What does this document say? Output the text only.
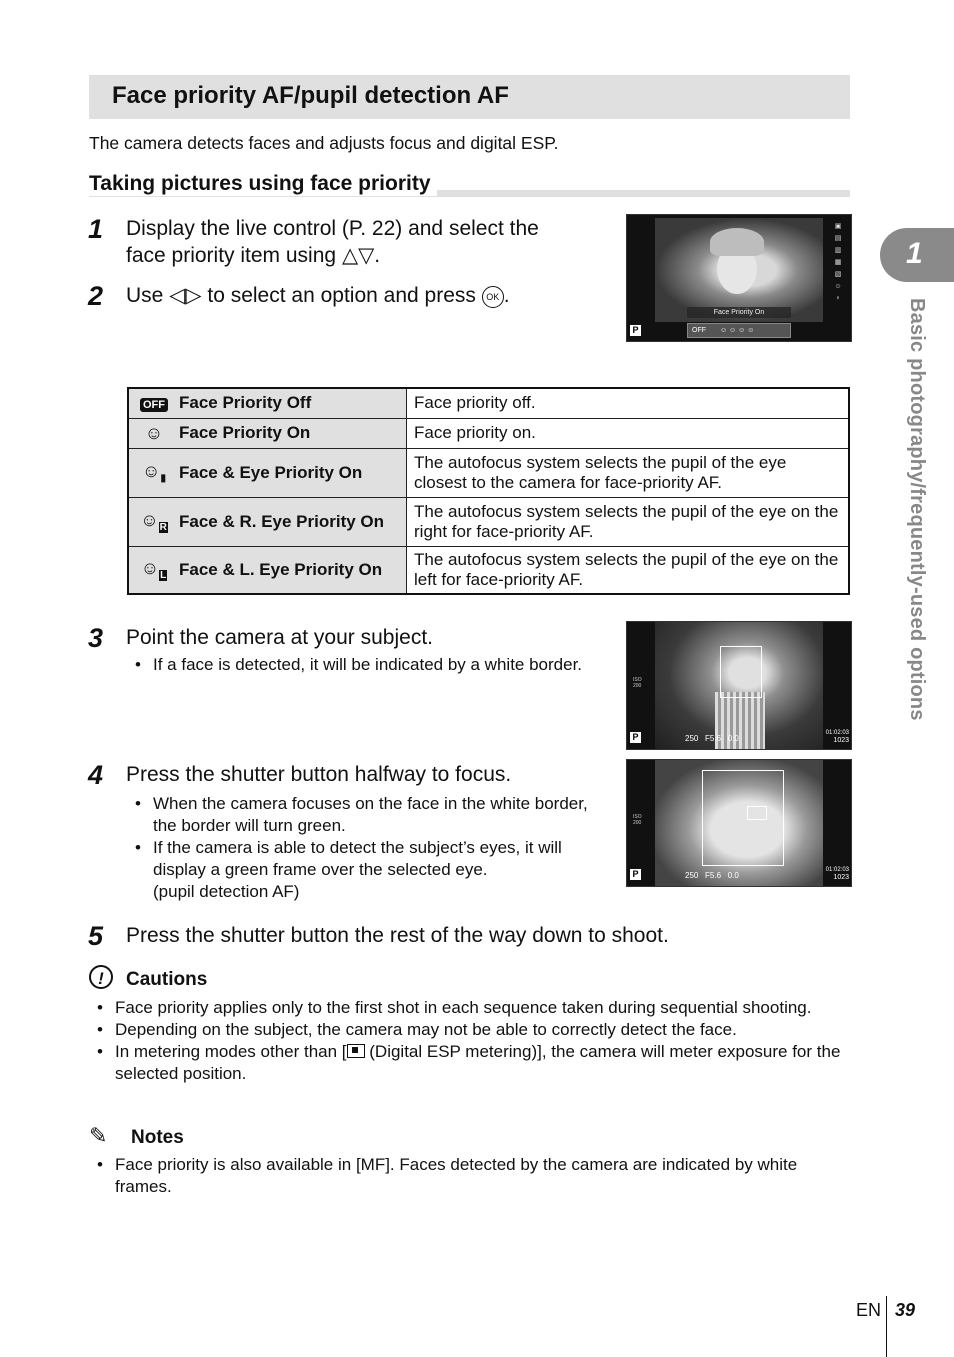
Face priority AF/pupil detection AF
The camera detects faces and adjusts focus and digital ESP.
Taking pictures using face priority
1 Display the live control (P. 22) and select the
face priority item using △▽.
2 Use ◁▷ to select an option and press OK .
Face Priority On
OFF ☺ ☺ ☺ ☺
P
▣
▤
▥
▦
▧
☺
♀
OFF	Face Priority Off	Face priority off.
☺	Face Priority On	Face priority on.
$☺_▮$	Face & Eye Priority On	The autofocus system selects the pupil of the eye closest to the camera for face-priority AF.
$☺_R$	Face & R. Eye Priority On	The autofocus system selects the pupil of the eye on the right for face-priority AF.
$☺_L$	Face & L. Eye Priority On	The autofocus system selects the pupil of the eye on the left for face-priority AF.
3 Point the camera at your subject.
• If a face is detected, it will be indicated by a white border.
P
ISO 200
250 F5.6 0.0
01:02:03
1023
4 Press the shutter button halfway to focus.
• When the camera focuses on the face in the white border, the border will turn green.
• If the camera is able to detect the subject’s eyes, it will display a green frame over the selected eye.
(pupil detection AF)
P
ISO 200
250 F5.6 0.0
01:02:03
1023
5 Press the shutter button the rest of the way down to shoot.
!	Cautions
• Face priority applies only to the first shot in each sequence taken during sequential shooting.
• Depending on the subject, the camera may not be able to correctly detect the face.
• In metering modes other than [
(Digital ESP metering)], the camera will meter exposure for the selected position.
✎ Notes
• Face priority is also available in [MF]. Faces detected by the camera are indicated by white frames.
1
Basic photography/frequently-used options
EN 39
